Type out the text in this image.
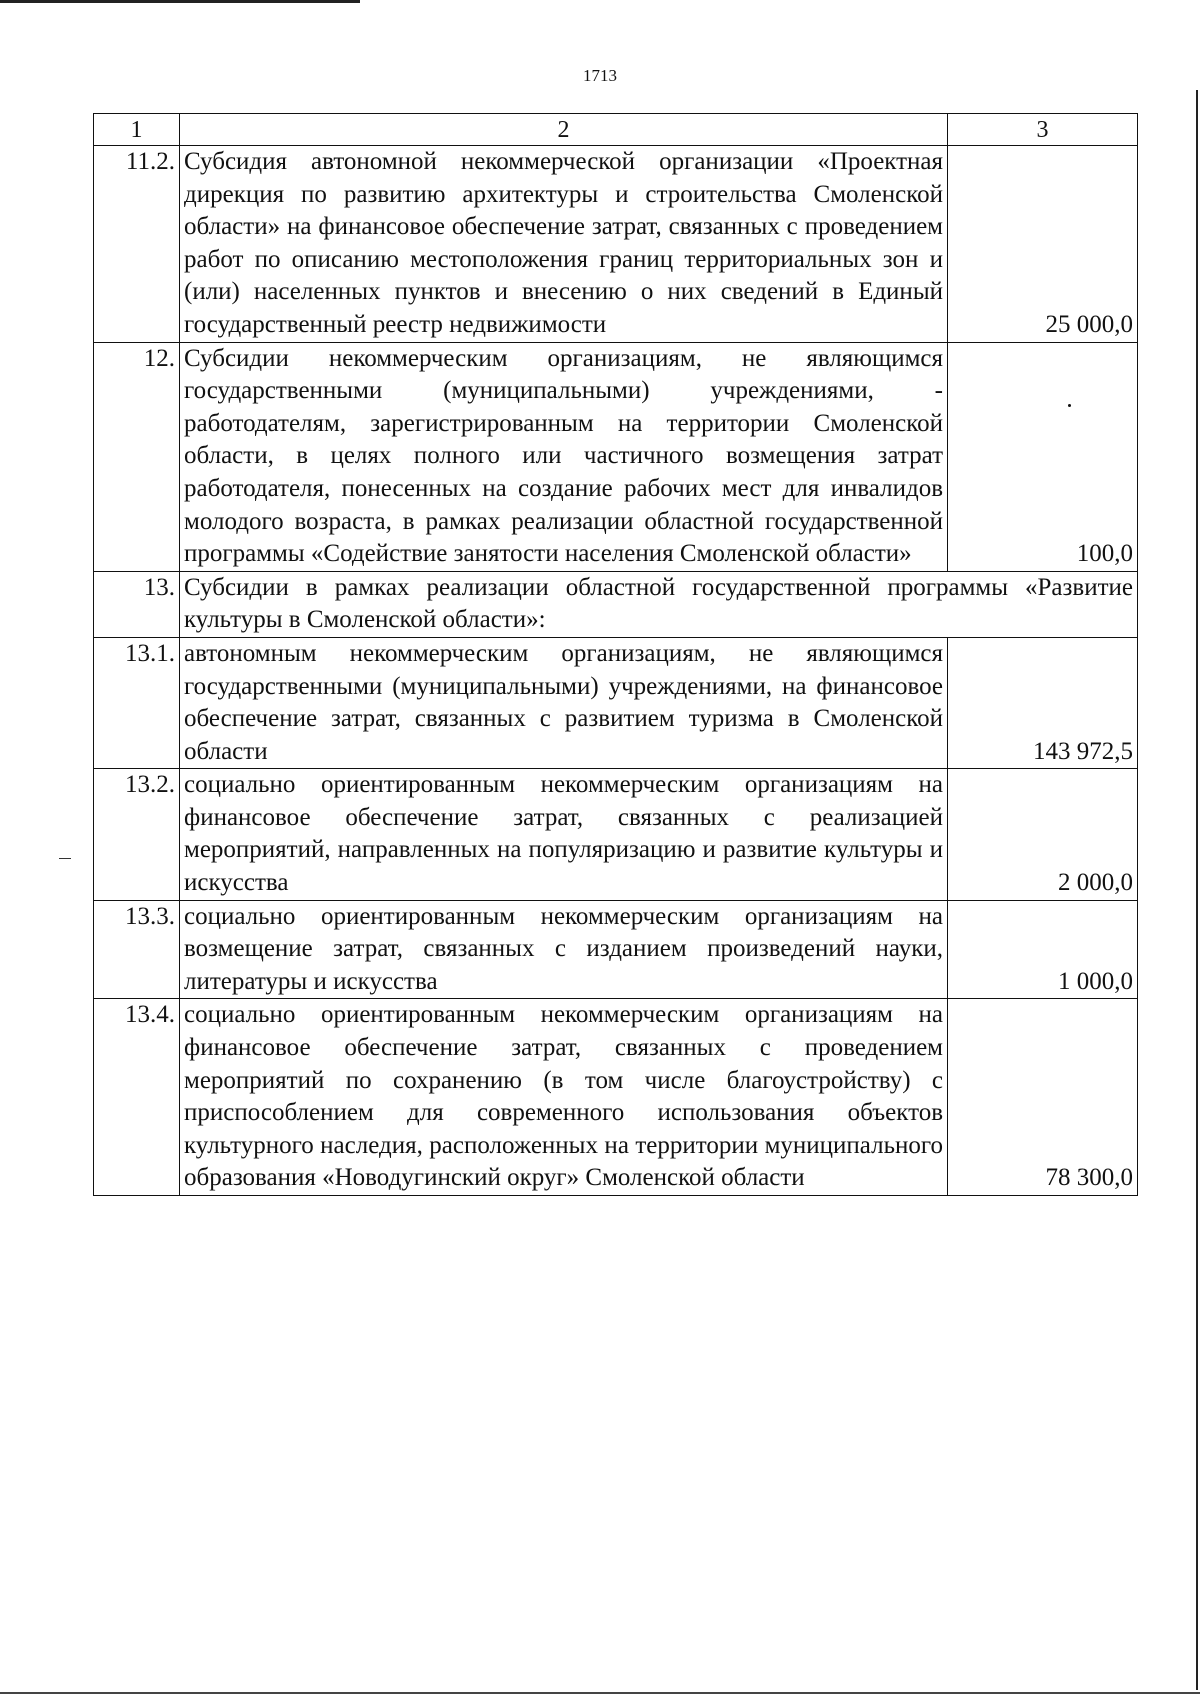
1713
1	2	3
11.2.	Субсидия автономной некоммерческой организации «Проектная дирекция по развитию архитектуры и строительства Смоленской области» на финансовое обеспечение затрат, связанных с проведением работ по описанию местоположения границ территориальных зон и (или) населенных пунктов и внесению о них сведений в Единый государственный реестр недвижимости	25 000,0
12.	Субсидии некоммерческим организациям, не являющимся государственными (муниципальными) учреждениями, - работодателям, зарегистрированным на территории Смоленской области, в целях полного или частичного возмещения затрат работодателя, понесенных на создание рабочих мест для инвалидов молодого возраста, в рамках реализации областной государственной программы «Содействие занятости населения Смоленской области»	100,0
13.	Субсидии в рамках реализации областной государственной программы «Развитие культуры в Смоленской области»:	
13.1.	автономным некоммерческим организациям, не являющимся государственными (муниципальными) учреждениями, на финансовое обеспечение затрат, связанных с развитием туризма в Смоленской области	143 972,5
13.2.	социально ориентированным некоммерческим организациям на финансовое обеспечение затрат, связанных с реализацией мероприятий, направленных на популяризацию и развитие культуры и искусства	2 000,0
13.3.	социально ориентированным некоммерческим организациям на возмещение затрат, связанных с изданием произведений науки, литературы и искусства	1 000,0
13.4.	социально ориентированным некоммерческим организациям на финансовое обеспечение затрат, связанных с проведением мероприятий по сохранению (в том числе благоустройству) с приспособлением для современного использования объектов культурного наследия, расположенных на территории муниципального образования «Новодугинский округ» Смоленской области	78 300,0
